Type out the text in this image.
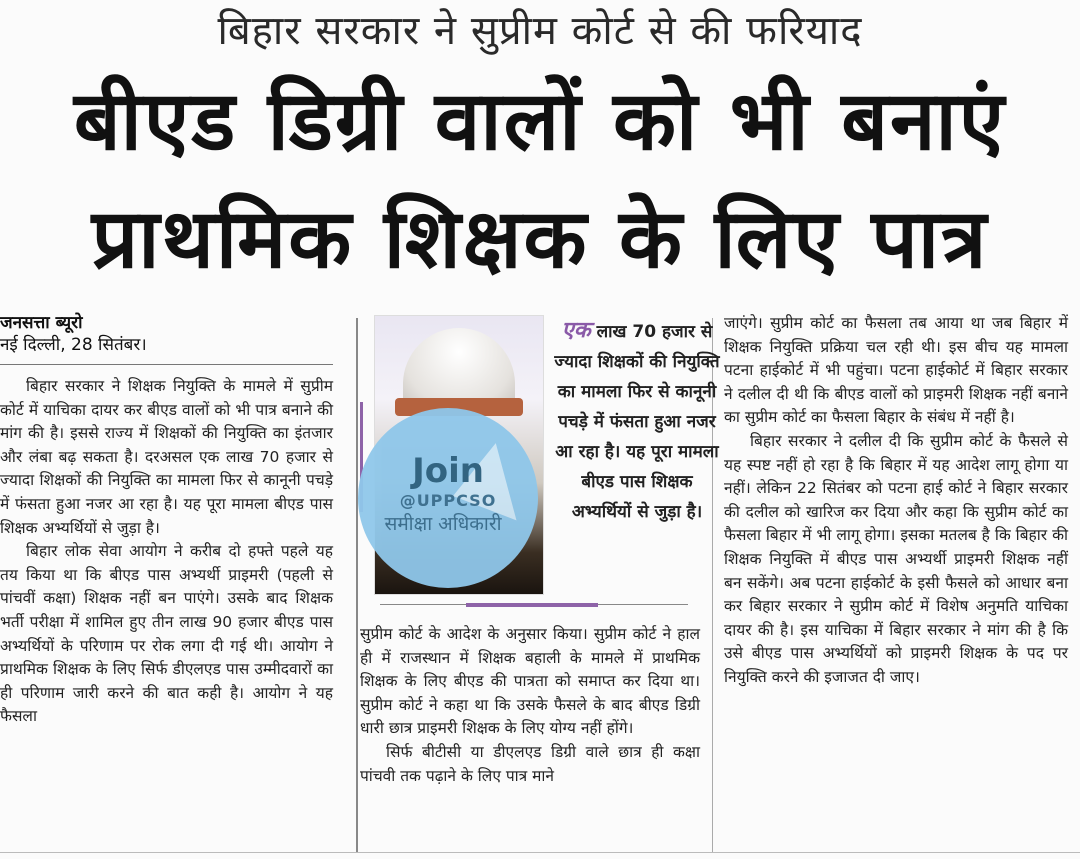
बिहार सरकार ने सुप्रीम कोर्ट से की फरियाद
बीएड डिग्री वालों को भी बनाएं
प्राथमिक शिक्षक के लिए पात्र
जनसत्ता ब्यूरो
नई दिल्ली, 28 सितंबर।

बिहार सरकार ने शिक्षक नियुक्ति के मामले में सुप्रीम कोर्ट में याचिका दायर कर बीएड वालों को भी पात्र बनाने की मांग की है। इससे राज्य में शिक्षकों की नियुक्ति का इंतजार और लंबा बढ़ सकता है। दरअसल एक लाख 70 हजार से ज्यादा शिक्षकों की नियुक्ति का मामला फिर से कानूनी पचड़े में फंसता हुआ नजर आ रहा है। यह पूरा मामला बीएड पास शिक्षक अभ्यर्थियों से जुड़ा है।

बिहार लोक सेवा आयोग ने करीब दो हफ्ते पहले यह तय किया था कि बीएड पास अभ्यर्थी प्राइमरी (पहली से पांचवीं कक्षा) शिक्षक नहीं बन पाएंगे। उसके बाद शिक्षक भर्ती परीक्षा में शामिल हुए तीन लाख 90 हजार बीएड पास अभ्यर्थियों के परिणाम पर रोक लगा दी गई थी। आयोग ने प्राथमिक शिक्षक के लिए सिर्फ डीएलएड पास उम्मीदवारों का ही परिणाम जारी करने की बात कही है। आयोग ने यह फैसला

Join
@UPPCSO
समीक्षा अधिकारी
एक लाख 70 हजार से ज्यादा शिक्षकों की नियुक्ति का मामला फिर से कानूनी पचड़े में फंसता हुआ नजर आ रहा है। यह पूरा मामला बीएड पास शिक्षक अभ्यर्थियों से जुड़ा है।

सुप्रीम कोर्ट के आदेश के अनुसार किया। सुप्रीम कोर्ट ने हाल ही में राजस्थान में शिक्षक बहाली के मामले में प्राथमिक शिक्षक के लिए बीएड की पात्रता को समाप्त कर दिया था। सुप्रीम कोर्ट ने कहा था कि उसके फैसले के बाद बीएड डिग्री धारी छात्र प्राइमरी शिक्षक के लिए योग्य नहीं होंगे।

सिर्फ बीटीसी या डीएलएड डिग्री वाले छात्र ही कक्षा पांचवी तक पढ़ाने के लिए पात्र माने

जाएंगे। सुप्रीम कोर्ट का फैसला तब आया था जब बिहार में शिक्षक नियुक्ति प्रक्रिया चल रही थी। इस बीच यह मामला पटना हाईकोर्ट में भी पहुंचा। पटना हाईकोर्ट में बिहार सरकार ने दलील दी थी कि बीएड वालों को प्राइमरी शिक्षक नहीं बनाने का सुप्रीम कोर्ट का फैसला बिहार के संबंध में नहीं है।

बिहार सरकार ने दलील दी कि सुप्रीम कोर्ट के फैसले से यह स्पष्ट नहीं हो रहा है कि बिहार में यह आदेश लागू होगा या नहीं। लेकिन 22 सितंबर को पटना हाई कोर्ट ने बिहार सरकार की दलील को खारिज कर दिया और कहा कि सुप्रीम कोर्ट का फैसला बिहार में भी लागू होगा। इसका मतलब है कि बिहार की शिक्षक नियुक्ति में बीएड पास अभ्यर्थी प्राइमरी शिक्षक नहीं बन सकेंगे। अब पटना हाईकोर्ट के इसी फैसले को आधार बना कर बिहार सरकार ने सुप्रीम कोर्ट में विशेष अनुमति याचिका दायर की है। इस याचिका में बिहार सरकार ने मांग की है कि उसे बीएड पास अभ्यर्थियों को प्राइमरी शिक्षक के पद पर नियुक्ति करने की इजाजत दी जाए।
